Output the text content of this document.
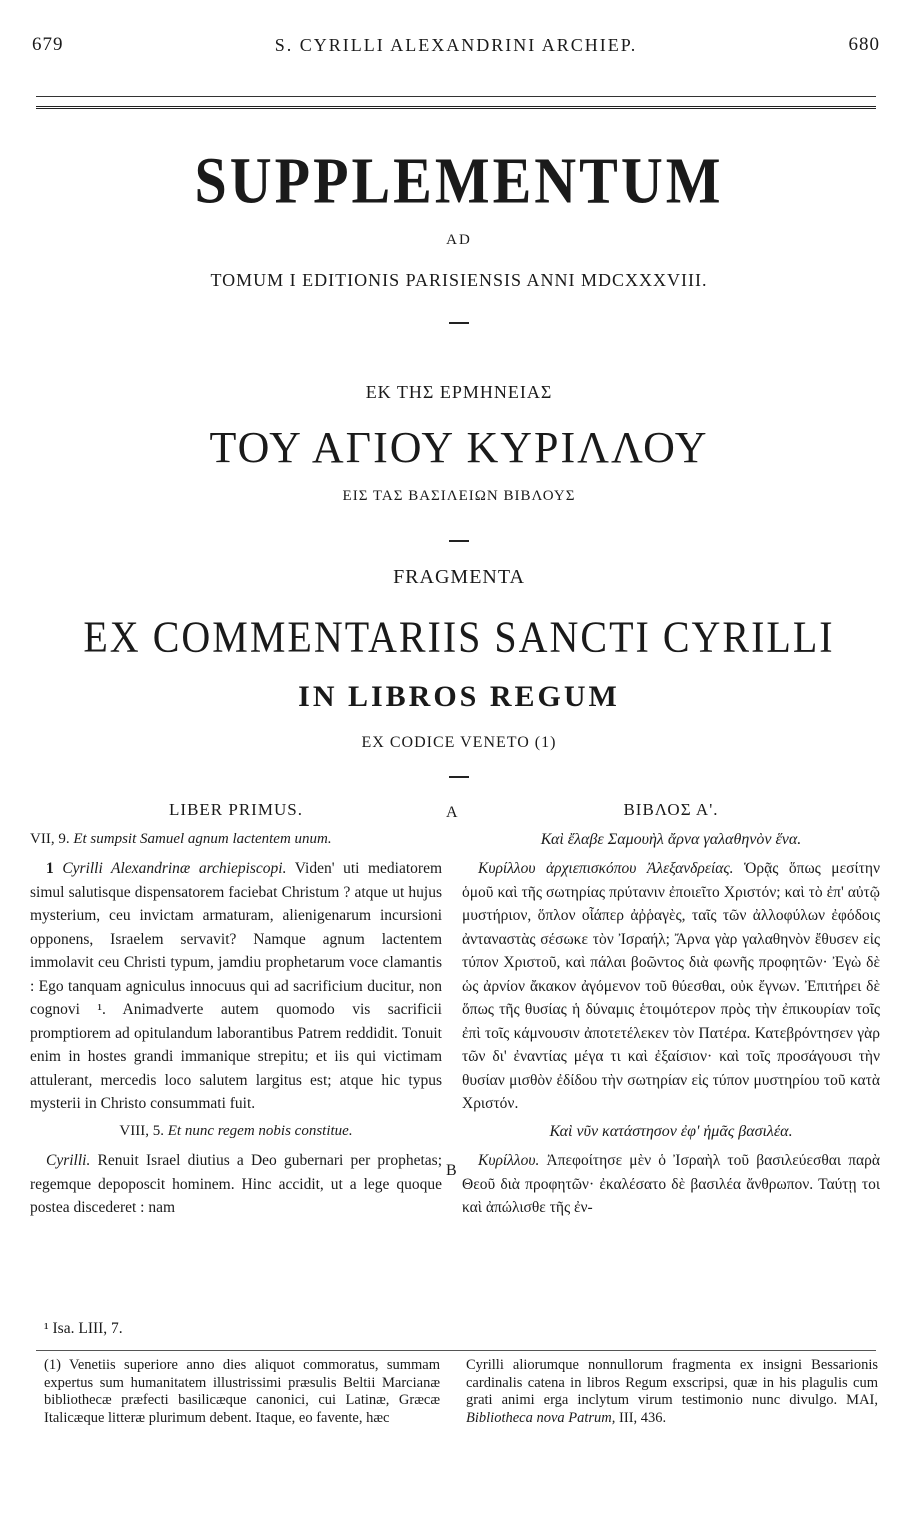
679	S. CYRILLI ALEXANDRINI ARCHIEP.	680
SUPPLEMENTUM
AD
TOMUM I EDITIONIS PARISIENSIS ANNI MDCXXXVIII.
ΕΚ ΤΗΣ ΕΡΜΗΝΕΙΑΣ
ΤΟΥ ΑΓΙΟΥ ΚΥΡΙΛΛΟΥ
ΕΙΣ ΤΑΣ ΒΑΣΙΛΕΙΩΝ ΒΙΒΛΟΥΣ
FRAGMENTA
EX COMMENTARIIS SANCTI CYRILLI
IN LIBROS REGUM
EX CODICE VENETO (1)
A
B
LIBER PRIMUS.
VII, 9. Et sumpsit Samuel agnum lactentem unum.
1 Cyrilli Alexandrinæ archiepiscopi. Viden' uti mediatorem simul salutisque dispensatorem faciebat Christum ? atque ut hujus mysterium, ceu invictam armaturam, alienigenarum incursioni opponens, Israelem servavit? Namque agnum lactentem immolavit ceu Christi typum, jamdiu prophetarum voce clamantis : Ego tanquam agniculus innocuus qui ad sacrificium ducitur, non cognovi ¹. Animadverte autem quomodo vis sacrificii promptiorem ad opitulandum laborantibus Patrem reddidit. Tonuit enim in hostes grandi immanique strepitu; et iis qui victimam attulerant, mercedis loco salutem largitus est; atque hic typus mysterii in Christo consummati fuit.
VIII, 5. Et nunc regem nobis constitue.
Cyrilli. Renuit Israel diutius a Deo gubernari per prophetas; regemque depoposcit hominem. Hinc accidit, ut a lege quoque postea discederet : nam
ΒΙΒΛΟΣ Α'.
Καὶ ἔλαβε Σαμουὴλ ἄρνα γαλαθηνὸν ἕνα.
Κυρίλλου ἀρχιεπισκόπου Ἀλεξανδρείας. Ὁρᾷς ὅπως μεσίτην ὁμοῦ καὶ τῆς σωτηρίας πρύτανιν ἐποιεῖτο Χριστόν; καὶ τὸ ἐπ' αὐτῷ μυστήριον, ὅπλον οἷάπερ ἀῤῥαγὲς, ταῖς τῶν ἀλλοφύλων ἐφόδοις ἀνταναστὰς σέσωκε τὸν Ἰσραήλ; Ἄρνα γὰρ γαλαθηνὸν ἔθυσεν εἰς τύπον Χριστοῦ, καὶ πάλαι βοῶντος διὰ φωνῆς προφητῶν· Ἐγὼ δὲ ὡς ἀρνίον ἄκακον ἀγόμενον τοῦ θύεσθαι, οὐκ ἔγνων. Ἐπιτήρει δὲ ὅπως τῆς θυσίας ἡ δύναμις ἑτοιμότερον πρὸς τὴν ἐπικουρίαν τοῖς ἐπὶ τοῖς κάμνουσιν ἀποτετέλεκεν τὸν Πατέρα. Κατεβρόντησεν γὰρ τῶν δι' ἐναντίας μέγα τι καὶ ἐξαίσιον· καὶ τοῖς προσάγουσι τὴν θυσίαν μισθὸν ἐδίδου τὴν σωτηρίαν εἰς τύπον μυστηρίου τοῦ κατὰ Χριστόν.
Καὶ νῦν κατάστησον ἐφ' ἡμᾶς βασιλέα.
Κυρίλλου. Ἀπεφοίτησε μὲν ὁ Ἰσραὴλ τοῦ βασιλεύεσθαι παρὰ Θεοῦ διὰ προφητῶν· ἐκαλέσατο δὲ βασιλέα ἄνθρωπον. Ταύτῃ τοι καὶ ἀπώλισθε τῆς ἐν-
¹ Isa. LIII, 7.
(1) Venetiis superiore anno dies aliquot commoratus, summam expertus sum humanitatem illustrissimi præsulis Beltii Marcianæ bibliothecæ præfecti basilicæque canonici, cui Latinæ, Græcæ Italicæque litteræ plurimum debent. Itaque, eo favente, hæc
Cyrilli aliorumque nonnullorum fragmenta ex insigni Bessarionis cardinalis catena in libros Regum exscripsi, quæ in his plagulis cum grati animi erga inclytum virum testimonio nunc divulgo. MAI, Bibliotheca nova Patrum, III, 436.
